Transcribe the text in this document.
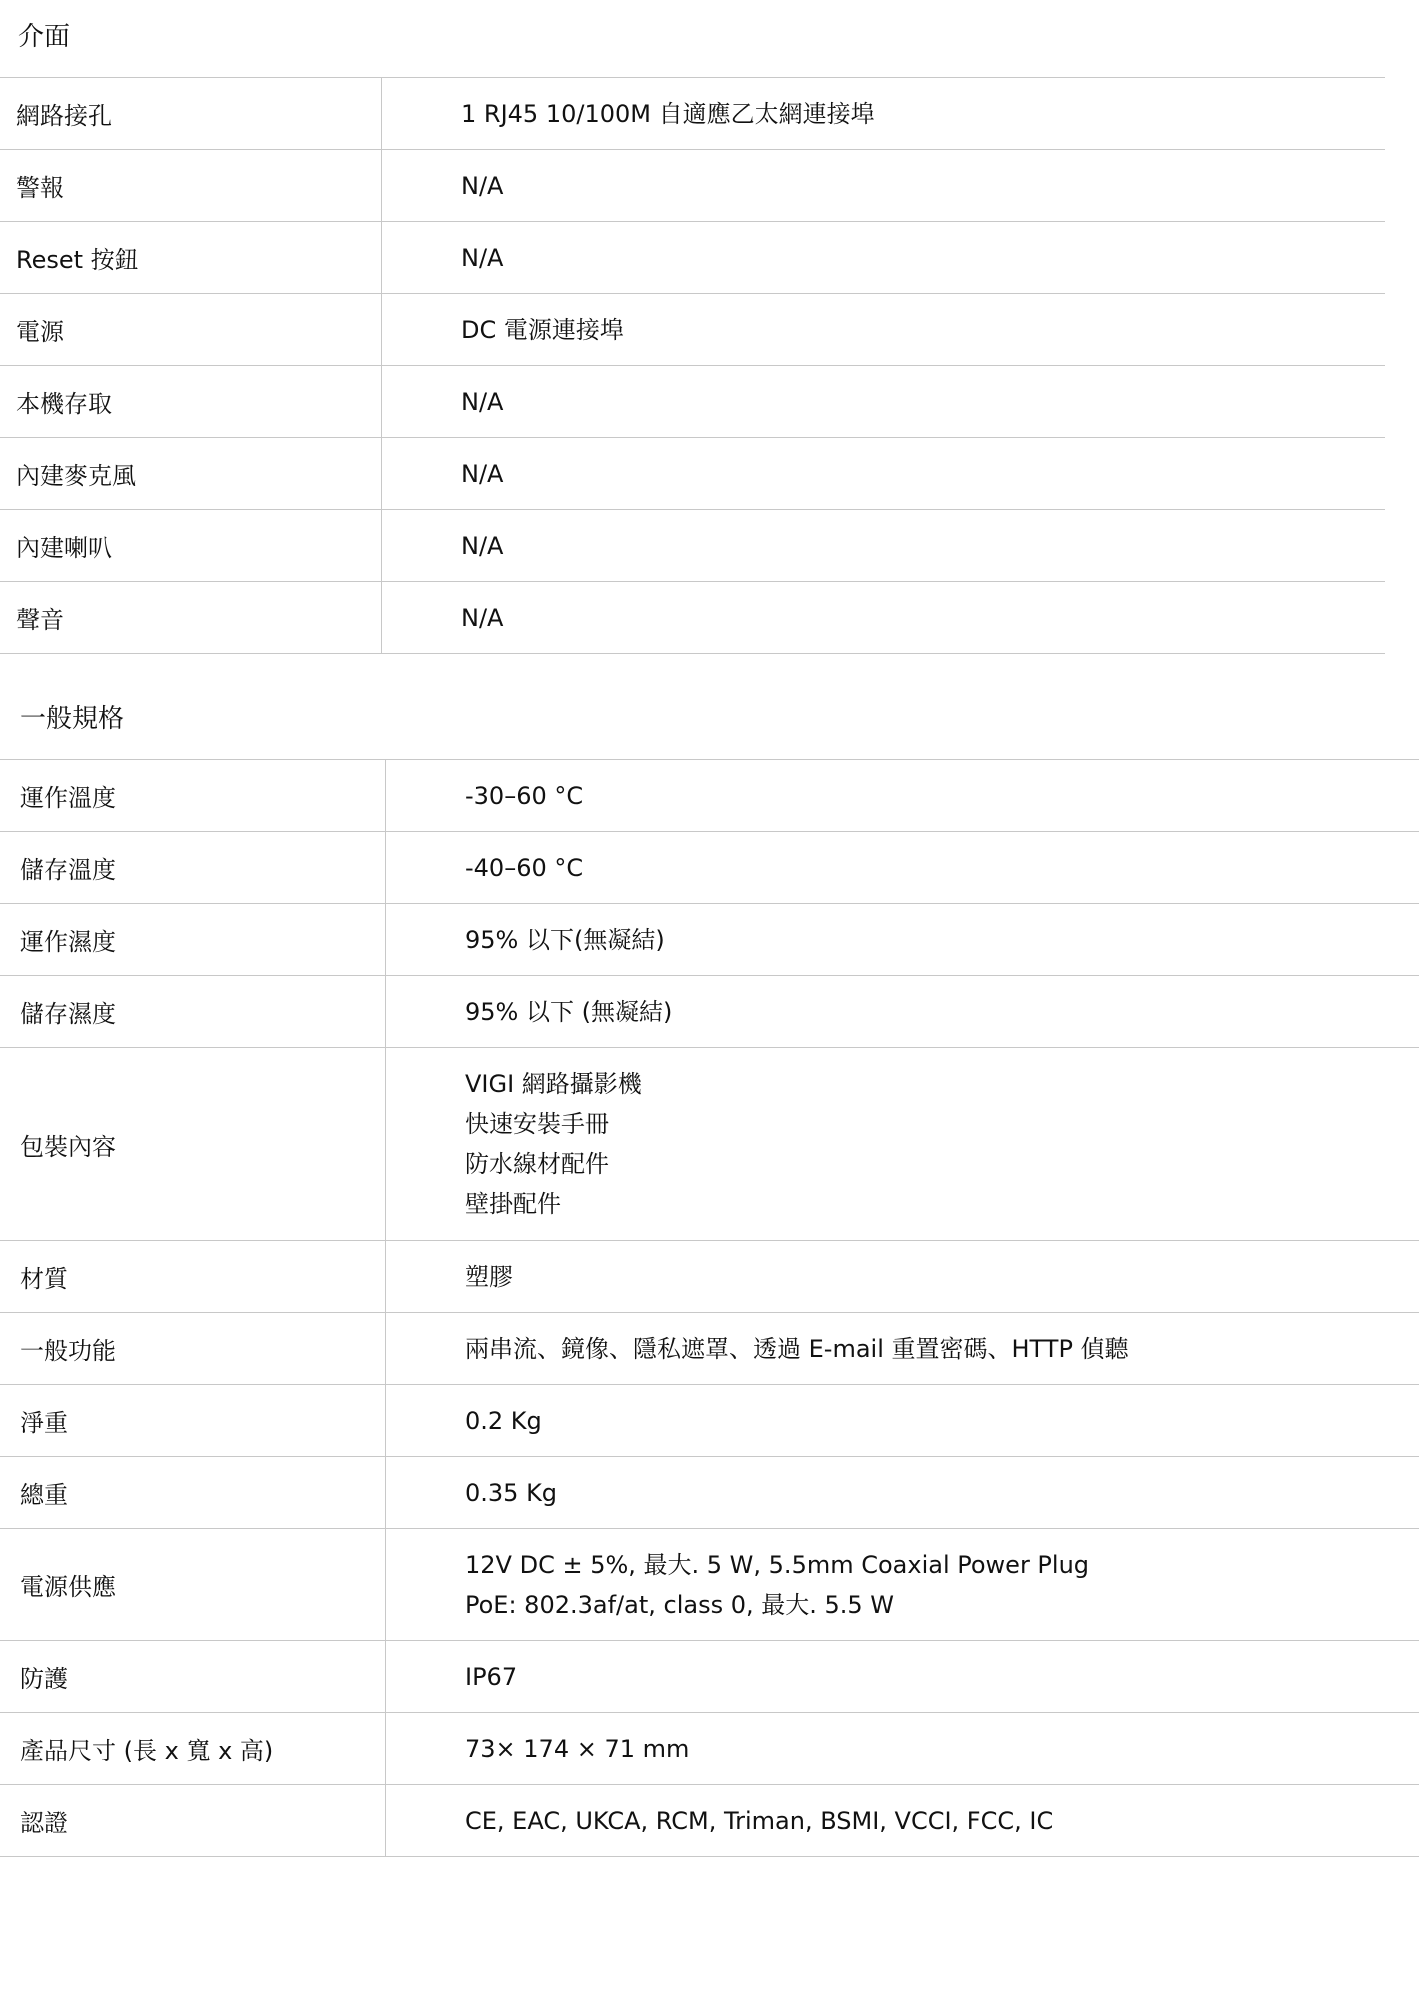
介面
網路接孔	1 RJ45 10/100M 自適應乙太網連接埠

警報	N/A

Reset 按鈕	N/A

電源	DC 電源連接埠

本機存取	N/A

內建麥克風	N/A

內建喇叭	N/A

聲音	N/A
一般規格
運作溫度	-30–60 °C

儲存溫度	-40–60 °C

運作濕度	95% 以下(無凝結)

儲存濕度	95% 以下 (無凝結)

包裝內容	VIGI 網路攝影機
快速安裝手冊
防水線材配件
壁掛配件

材質	塑膠

一般功能	兩串流、鏡像、隱私遮罩、透過 E-mail 重置密碼、HTTP 偵聽

淨重	0.2 Kg

總重	0.35 Kg

電源供應	12V DC ± 5%, 最大. 5 W, 5.5mm Coaxial Power Plug
PoE: 802.3af/at, class 0, 最大. 5.5 W

防護	IP67

產品尺寸 (長 x 寬 x 高)	73× 174 × 71 mm

認證	CE, EAC, UKCA, RCM, Triman, BSMI, VCCI, FCC, IC
